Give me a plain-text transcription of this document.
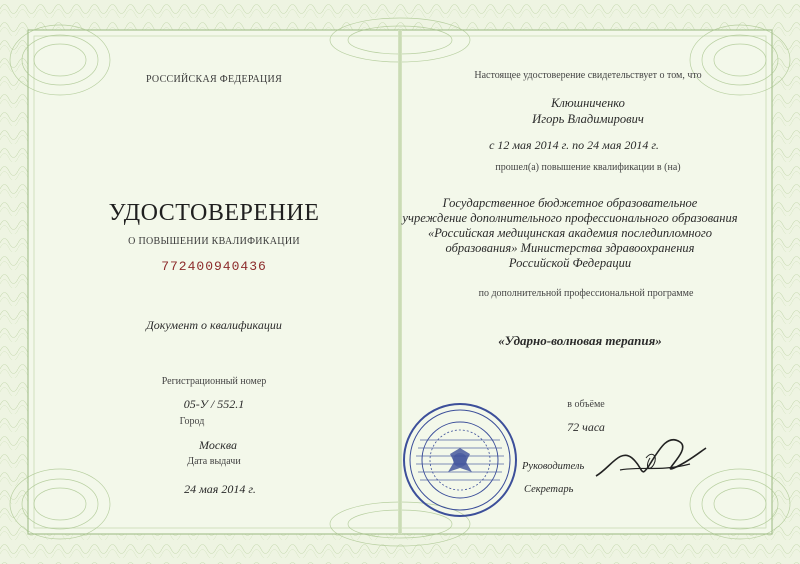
РОССИЙСКАЯ ФЕДЕРАЦИЯ
УДОСТОВЕРЕНИЕ
О ПОВЫШЕНИИ КВАЛИФИКАЦИИ
772400940436
Документ о квалификации
Регистрационный номер
05-У / 552.1
Город
Москва
Дата выдачи
24 мая 2014 г.
Настоящее удостоверение свидетельствует о том, что
Клюшниченко
Игорь Владимирович
с 12 мая 2014 г. по 24 мая 2014 г.
прошел(а) повышение квалификации в (на)
Государственное бюджетное образовательное
учреждение дополнительного профессионального образования
«Российская медицинская академия последипломного
образования» Министерства здравоохранения
Российской Федерации
по дополнительной профессиональной программе
«Ударно-волновая терапия»
в объёме
72 часа
Руководитель
Секретарь
